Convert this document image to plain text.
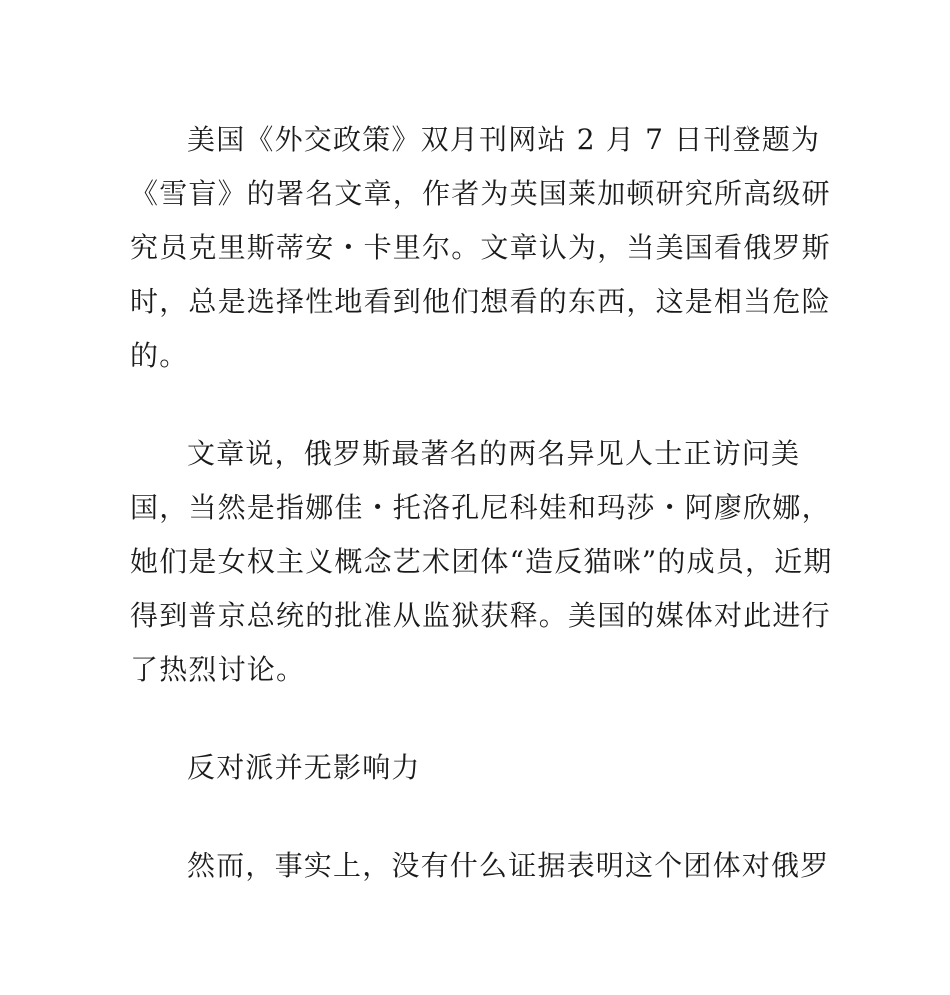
美国《外交政策》双月刊网站 2 月 7 日刊登题为《雪盲》的署名文章，作者为英国莱加顿研究所高级研究员克里斯蒂安・卡里尔。文章认为，当美国看俄罗斯时，总是选择性地看到他们想看的东西，这是相当危险的。

文章说，俄罗斯最著名的两名异见人士正访问美国，当然是指娜佳・托洛孔尼科娃和玛莎・阿廖欣娜，她们是女权主义概念艺术团体“造反猫咪”的成员，近期得到普京总统的批准从监狱获释。美国的媒体对此进行了热烈讨论。

反对派并无影响力

然而，事实上，没有什么证据表明这个团体对俄罗
